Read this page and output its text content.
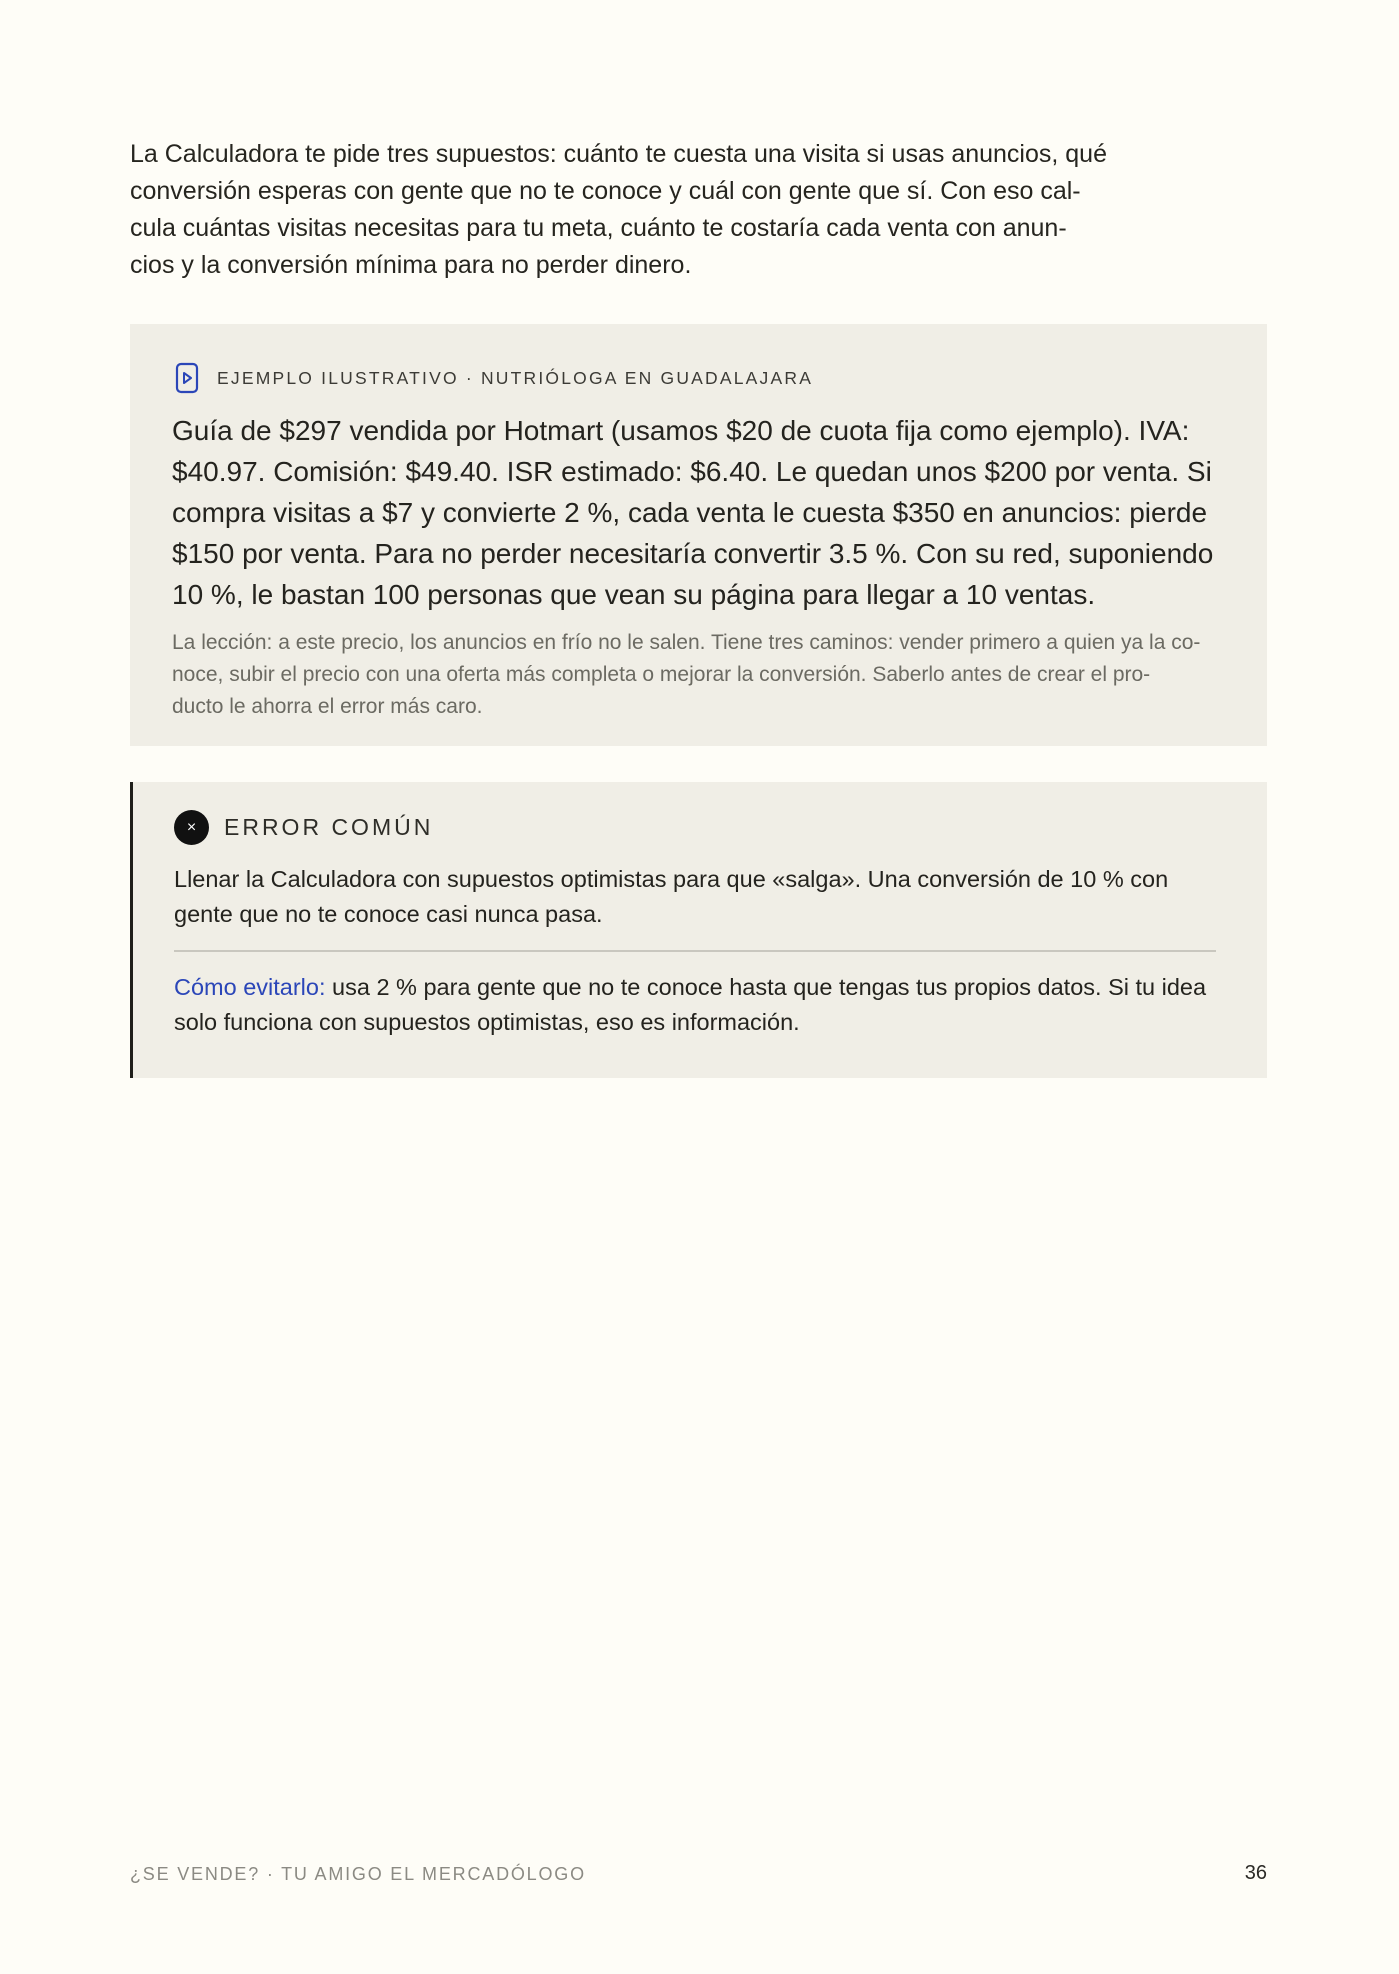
La Calculadora te pide tres supuestos: cuánto te cuesta una visita si usas anuncios, qué
conversión esperas con gente que no te conoce y cuál con gente que sí. Con eso cal-
cula cuántas visitas necesitas para tu meta, cuánto te costaría cada venta con anun-
cios y la conversión mínima para no perder dinero.

EJEMPLO ILUSTRATIVO · NUTRIÓLOGA EN GUADALAJARA

Guía de $297 vendida por Hotmart (usamos $20 de cuota fija como ejemplo). IVA:
$40.97. Comisión: $49.40. ISR estimado: $6.40. Le quedan unos $200 por venta. Si
compra visitas a $7 y convierte 2 %, cada venta le cuesta $350 en anuncios: pierde
$150 por venta. Para no perder necesitaría convertir 3.5 %. Con su red, suponiendo
10 %, le bastan 100 personas que vean su página para llegar a 10 ventas.

La lección: a este precio, los anuncios en frío no le salen. Tiene tres caminos: vender primero a quien ya la co-
noce, subir el precio con una oferta más completa o mejorar la conversión. Saberlo antes de crear el pro-
ducto le ahorra el error más caro.

×	ERROR COMÚN

Llenar la Calculadora con supuestos optimistas para que «salga». Una conversión de 10 % con
gente que no te conoce casi nunca pasa.

Cómo evitarlo: usa 2 % para gente que no te conoce hasta que tengas tus propios datos. Si tu idea
solo funciona con supuestos optimistas, eso es información.

¿SE VENDE? · TU AMIGO EL MERCADÓLOGO	36
